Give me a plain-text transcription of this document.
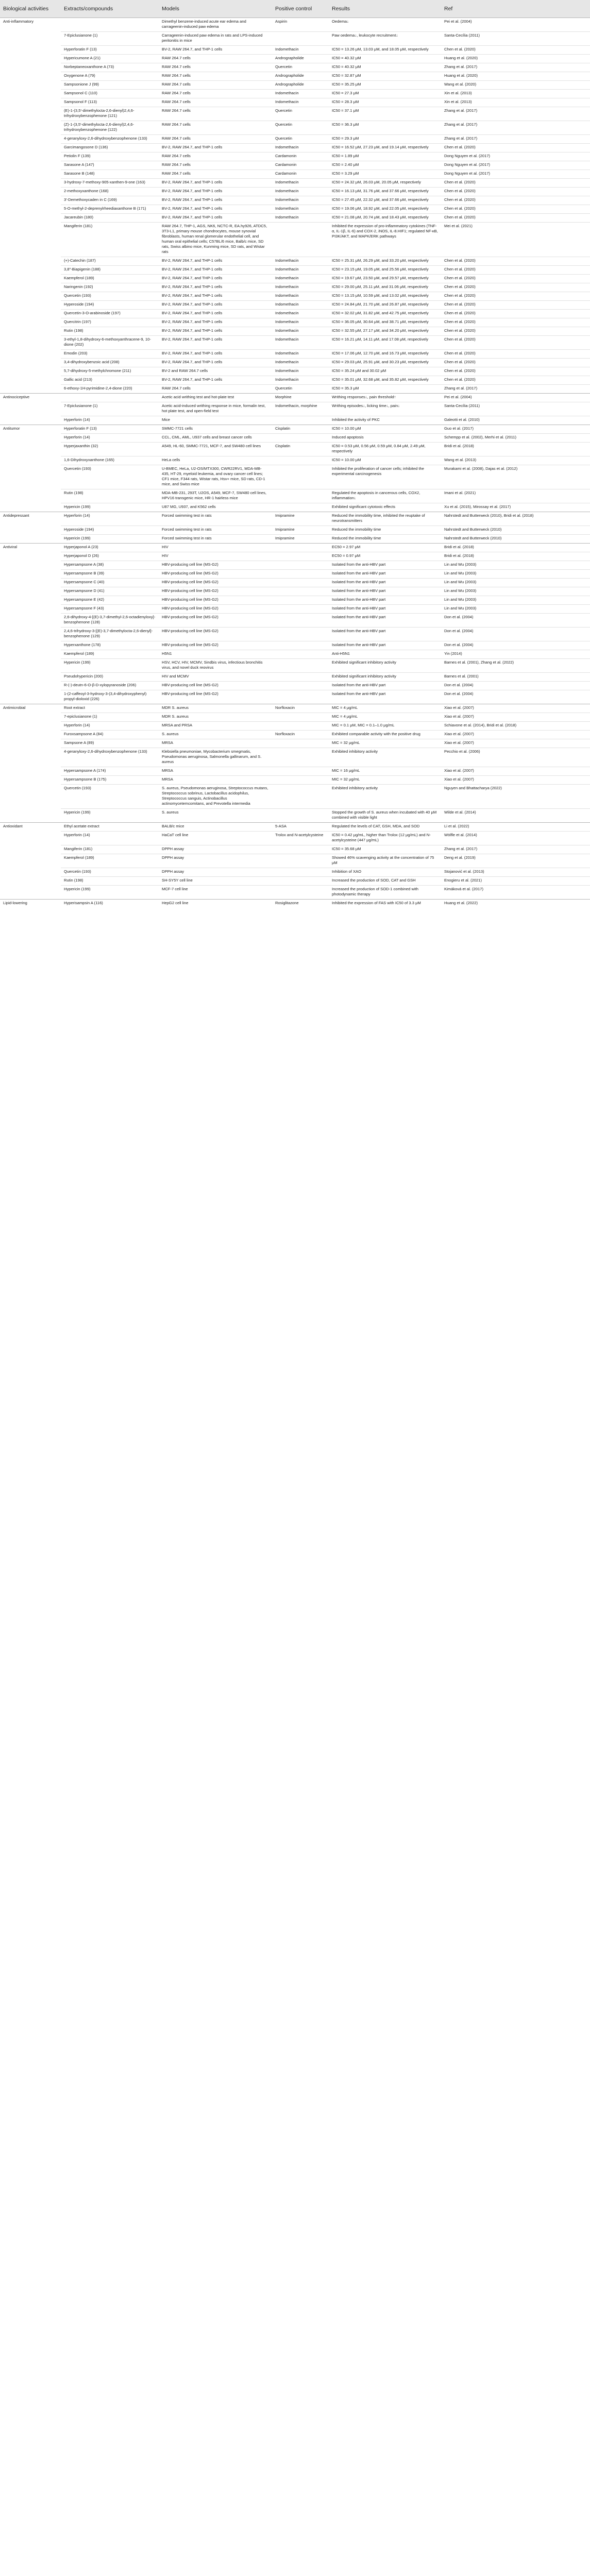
Biological activities	Extracts/compounds	Models	Positive control	Results	Ref
Anti-inflammatory		Dimethyl benzene-induced acute ear edema and carrageenin-induced paw edema	Aspirin	Oedema↓	Pei et al. (2004)
	7-Epiclusianone (1)	Carrageenin-induced paw edema in rats and LPS-induced peritonitis in mice		Paw oedema↓, leukocyte recruitment↓	Santa-Cecília (2011)
	Hyperforatin F (13)	BV-2, RAW 264.7, and THP-1 cells	Indomethacin	IC50 = 13.26 μM, 13.03 μM, and 18.05 μM, respectively	Chen et al. (2020)
	Hypericumone A (21)	RAW 264.7 cells	Andrographolide	IC50 = 40.32 μM	Huang et al. (2020)
	Norbeptaneoxanthone A (73)	RAW 264.7 cells	Quercetin	IC50 = 40.32 μM	Zhang et al. (2017)
	Oxygenone A (79)	RAW 264.7 cells	Andrographolide	IC50 = 32.87 μM	Huang et al. (2020)
	Sampsonione J (99)	RAW 264.7 cells	Andrographolide	IC50 = 35.25 μM	Wang et al. (2020)
	Sampsonol C (110)	RAW 264.7 cells	Indomethacin	IC50 = 27.3 μM	Xin et al. (2013)
	Sampsonol F (113)	RAW 264.7 cells	Indomethacin	IC50 = 28.3 μM	Xin et al. (2013)
	(E)-1-(3,5′-dimethylocta-2,6-dienyl)2,4,6-trihydroxybenzophenone (121)	RAW 264.7 cells	Quercetin	IC50 = 37.1 μM	Zhang et al. (2017)
	(Z)-1-(3,5′-dimethylocta-2,6-dienyl)2,4,6-trihydroxybenzophenone (122)	RAW 264.7 cells	Quercetin	IC50 = 36.3 μM	Zhang et al. (2017)
	4-geranyloxy-2,6-dihydroxybenzophenone (133)	RAW 264.7 cells	Quercetin	IC50 = 29.3 μM	Zhang et al. (2017)
	Garcimangosone D (136)	BV-2, RAW 264.7, and THP-1 cells	Indomethacin	IC50 = 16.52 μM, 27.23 μM, and 19.14 μM, respectively	Chen et al. (2020)
	Petiolin F (139)	RAW 264.7 cells	Cardamonin	IC50 = 1.89 μM	Dong Nguyen et al. (2017)
	Sarasone A (147)	RAW 264.7 cells	Cardamonin	IC50 = 2.40 μM	Dong Nguyen et al. (2017)
	Sarasone B (148)	RAW 264.7 cells	Cardamonin	IC50 = 3.29 μM	Dong Nguyen et al. (2017)
	3-hydroxy-7-methoxy-905-xanthen-9-one (163)	BV-2, RAW 264.7, and THP-1 cells	Indomethacin	IC50 = 24.32 μM, 26.03 μM, 20.05 μM, respectively	Chen et al. (2020)
	2-methoxyxanthone (168)	BV-2, RAW 264.7, and THP-1 cells	Indomethacin	IC50 = 16.13 μM, 31.76 μM, and 37.66 μM, respectively	Chen et al. (2020)
	3′-Demethoxycaden in C (169)	BV-2, RAW 264.7, and THP-1 cells	Indomethacin	IC50 = 27.45 μM, 22.32 μM, and 37.66 μM, respectively	Chen et al. (2020)
	5-O-methyl-2-deprenylrheediaxanthone B (171)	BV-2, RAW 264.7, and THP-1 cells	Indomethacin	IC50 = 19.06 μM, 18.92 μM, and 22.05 μM, respectively	Chen et al. (2020)
	Jacareubin (180)	BV-2, RAW 264.7, and THP-1 cells	Indomethacin	IC50 = 21.08 μM, 20.74 μM, and 18.43 μM, respectively	Chen et al. (2020)
	Mangiferin (181)	RAW 264.7, THP-1, AGS, NK6, NCTC-R, EA.hy926, ATDC5, 3T3-L1, primary mouse chondrocytes, mouse synovial fibroblasts, human renal glomerular endothelial cell, and human oral epithelial cells; C57BL/6 mice, Balb/c mice, SD rats, Swiss albino mice, Kunming mice, SD rats, and Wistar rats		Inhibited the expression of pro-inflammatory cytokines (TNF-α, IL-1β, IL-6) and COX-2, iNOS, IL-8.HIF1; regulated NF-κB, PI3K/AKT, and MAPK/ERK pathways	Mei et al. (2021)
	(+)-Catechin (187)	BV-2, RAW 264.7, and THP-1 cells	Indomethacin	IC50 = 25.31 μM, 26.29 μM, and 33.20 μM, respectively	Chen et al. (2020)
	3,8″-Biapigenin (188)	BV-2, RAW 264.7, and THP-1 cells	Indomethacin	IC50 = 23.15 μM, 19.05 μM, and 25.56 μM, respectively	Chen et al. (2020)
	Kaempferol (189)	BV-2, RAW 264.7, and THP-1 cells	Indomethacin	IC50 = 19.67 μM, 23.50 μM, and 29.57 μM, respectively	Chen et al. (2020)
	Naringenin (192)	BV-2, RAW 264.7, and THP-1 cells	Indomethacin	IC50 = 29.00 μM, 25.11 μM, and 31.06 μM, respectively	Chen et al. (2020)
	Quercetin (193)	BV-2, RAW 264.7, and THP-1 cells	Indomethacin	IC50 = 13.15 μM, 10.59 μM, and 13.02 μM, respectively	Chen et al. (2020)
	Hyperoside (194)	BV-2, RAW 264.7, and THP-1 cells	Indomethacin	IC50 = 24.84 μM, 21.70 μM, and 26.87 μM, respectively	Chen et al. (2020)
	Quercetin-3-O-arabinoside (197)	BV-2, RAW 264.7, and THP-1 cells	Indomethacin	IC50 = 32.02 μM, 31.82 μM, and 42.75 μM, respectively	Chen et al. (2020)
	Quercitrin (197)	BV-2, RAW 264.7, and THP-1 cells	Indomethacin	IC50 = 36.05 μM, 30.64 μM, and 38.71 μM, respectively	Chen et al. (2020)
	Rutin (198)	BV-2, RAW 264.7, and THP-1 cells	Indomethacin	IC50 = 32.55 μM, 27.17 μM, and 34.20 μM, respectively	Chen et al. (2020)
	3-ethyl-1,8-dihydroxy-6-methoxyanthracene-9, 10-dione (202)	BV-2, RAW 264.7, and THP-1 cells	Indomethacin	IC50 = 16.21 μM, 14.11 μM, and 17.08 μM, respectively	Chen et al. (2020)
	Emodin (203)	BV-2, RAW 264.7, and THP-1 cells	Indomethacin	IC50 = 17.06 μM, 12.70 μM, and 16.73 μM, respectively	Chen et al. (2020)
	3,4-dihydroxybenzoic acid (208)	BV-2, RAW 264.7, and THP-1 cells	Indomethacin	IC50 = 29.03 μM, 25.91 μM, and 30.23 μM, respectively	Chen et al. (2020)
	5,7-dihydroxy-5-methylchromone (211)	BV-2 and RAW 264.7 cells	Indomethacin	IC50 = 35.24 μM and 30.02 μM	Chen et al. (2020)
	Gallic acid (213)	BV-2, RAW 264.7, and THP-1 cells	Indomethacin	IC50 = 35.01 μM, 32.68 μM, and 35.82 μM, respectively	Chen et al. (2020)
	6-ethoxy-1H-pyrimidine-2,4-dione (220)	RAW 264.7 cells	Quercetin	IC50 = 35.3 μM	Zhang et al. (2017)
Antinociceptive		Acetic acid writhing test and hot-plate test	Morphine	Writhing responses↓, pain threshold↑	Pei et al. (2004)
	7-Epiclusianone (1)	Acetic acid-induced writhing response in mice, formalin test, hot plate test, and open-field test	Indomethacin, morphine	Writhing episodes↓, licking time↓, pain↓	Santa-Cecília (2011)
	Hyperforin (14)	Mice		Inhibited the activity of PKC	Galeotti et al. (2010)
Antitumor	Hyperforatin F (13)	SMMC-7721 cells	Cisplatin	IC50 = 10.00 μM	Guo et al. (2017)
	Hyperforin (14)	CCL, CML, AML, U937 cells and breast cancer cells		Induced apoptosis	Schempp et al. (2002), Merhi et al. (2011)
	Hyperjaxanthin (32)	A549, HL-60, SMMC-7721, MCF-7, and SW480 cell lines	Cisplatin	IC50 = 0.53 μM, 0.56 μM, 0.59 μM, 0.84 μM, 2.49 μM, respectively	Bridi et al. (2018)
	1,6-Dihydroxyxanthone (165)	HeLa cells		IC50 = 10.00 μM	Wang et al. (2013)
	Quercetin (193)	U-BMEC, HeLa, U2-OS/MTX300, CWR22RV1, MDA-MB-435, HT-29, myeloid leukemia, and ovary cancer cell lines; CF1 mice, F344 rats, Wistar rats, Hsv+ mice, SD rats, CD-1 mice, and Swiss mice		Inhibited the proliferation of cancer cells; inhibited the experimental carcinogenesis	Murakami et al. (2008), Dajas et al. (2012)
	Rutin (198)	MDA-MB-231, 293T, U2OS, A549, MCF-7, SW480 cell lines, HPV16 transgenic mice, HR-1 hairless mice		Regulated the apoptosis in cancerous cells, COX2, inflammation↓	Imani et al. (2021)
	Hypericin (199)	U87 MG, U937, and K562 cells		Exhibited significant cytotoxic effects	Xu et al. (2015), Mirossay et al. (2017)
Antidepressant	Hyperforin (14)	Forced swimming test in rats	Imipramine	Reduced the immobility time, inhibited the reuptake of neurotransmitters	Nahrstedt and Butterweck (2010), Bridi et al. (2018)
	Hyperoside (194)	Forced swimming test in rats	Imipramine	Reduced the immobility time	Nahrstedt and Butterweck (2010)
	Hypericin (199)	Forced swimming test in rats	Imipramine	Reduced the immobility time	Nahrstedt and Butterweck (2010)
Antiviral	Hyperjaponol A (23)	HIV		EC50 = 2.97 μM	Bridi et al. (2018)
	Hyperjaponol D (26)	HIV		EC50 = 0.97 μM	Bridi et al. (2018)
	Hypersampsone A (38)	HBV-producing cell line (MS-G2)		Isolated from the anti-HBV part	Lin and Wu (2003)
	Hypersampsone B (39)	HBV-producing cell line (MS-G2)		Isolated from the anti-HBV part	Lin and Wu (2003)
	Hypersampsone C (40)	HBV-producing cell line (MS-G2)		Isolated from the anti-HBV part	Lin and Wu (2003)
	Hypersampsone D (41)	HBV-producing cell line (MS-G2)		Isolated from the anti-HBV part	Lin and Wu (2003)
	Hypersampsone E (42)	HBV-producing cell line (MS-G2)		Isolated from the anti-HBV part	Lin and Wu (2003)
	Hypersampsone F (43)	HBV-producing cell line (MS-G2)		Isolated from the anti-HBV part	Lin and Wu (2003)
	2,6-dihydroxy-4-[(E)-3,7-dimethyl-2,6-octadienyloxy]-benzophenone (128)	HBV-producing cell line (MS-G2)		Isolated from the anti-HBV part	Don et al. (2004)
	2,4,6-trihydroxy-3-[(E)-3,7-dimethylocta-2,6-dienyl]-benzophenone (129)	HBV-producing cell line (MS-G2)		Isolated from the anti-HBV part	Don et al. (2004)
	Hyperxanthone (178)	HBV-producing cell line (MS-G2)		Isolated from the anti-HBV part	Don et al. (2004)
	Kaempferol (189)	H5N1		Anti-H5N1	Yin (2014)
	Hypericin (199)	HSV, HCV, HIV, MCMV, Sindbis virus, infectious bronchitis virus, and novel duck reovirus		Exhibited significant inhibitory activity	Barnes et al. (2001), Zhang et al. (2022)
	Pseudohypericin (200)	HIV and MCMV		Exhibited significant inhibitory activity	Barnes et al. (2001)
	R-(-)-deutn-6-O-β-D-xylopyranoside (206)	HBV-producing cell line (MS-G2)		Isolated from the anti-HBV part	Don et al. (2004)
	1-(2-caffeoyl-3-hydroxy-3-(3,4-dihydroxyphenyl) propyl-dioloxid (226)	HBV-producing cell line (MS-G2)		Isolated from the anti-HBV part	Don et al. (2004)
Antimicrobial	Root extract	MDR S. aureus	Norfloxacin	MIC = 4 μg/mL	Xiao et al. (2007)
	7-epiclusianone (1)	MDR S. aureus		MIC = 4 μg/mL	Xiao et al. (2007)
	Hyperforin (14)	MRSA and PRSA		MIC = 0.1 μM, MIC = 0.1–1.0 μg/mL	Schiavone et al. (2014), Bridi et al. (2018)
	Furoxsampsone A (84)	S. aureus	Norfloxacin	Exhibited comparable activity with the positive drug	Xiao et al. (2007)
	Sampsone A (89)	MRSA		MIC = 32 μg/mL	Xiao et al. (2007)
	4-geranyloxy-2,6-dihydroxybenzophenone (133)	Klebsiella pneumoniae, Mycobacterium smegmatis, Pseudomonas aeruginosa, Salmonella gallinarum, and S. aureus		Exhibited inhibitory activity	Pecchio et al. (2006)
	Hypersampsone A (174)	MRSA		MIC = 16 μg/mL	Xiao et al. (2007)
	Hypersampsone B (175)	MRSA		MIC = 32 μg/mL	Xiao et al. (2007)
	Quercetin (193)	S. aureus, Pseudomonas aeruginosa, Streptococcus mutans, Streptococcus sobrinus, Lactobacillus acidophilus, Streptococcus sanguis, Actinobacillus actinomycetemcomitans, and Prevotella intermedia		Exhibited inhibitory activity	Nguyen and Bhattacharya (2022)
	Hypericin (199)	S. aureus		Stopped the growth of S. aureus when incubated with 40 μM combined with visible light	Wilde et al. (2014)
Antioxidant	Ethyl acetate extract	BALB/c mice	5-ASA	Regulated the levels of CAT, GSH, MDA, and SOD	Li et al. (2022)
	Hyperforin (14)	HaCaT cell line	Trolox and N-acetylcysteine	IC50 = 0.42 μg/mL, higher than Trolox (12 μg/mL) and N-acetylcysteine (447 μg/mL)	Wölfle et al. (2014)
	Mangiferin (181)	DPPH assay		IC50 = 35.68 μM	Zhang et al. (2017)
	Kaempferol (189)	DPPH assay		Showed 46% scavenging activity at the concentration of 75 μM	Deng et al. (2019)
	Quercetin (193)	DPPH assay		Inhibition of XAO	Stojanović et al. (2013)
	Rutin (198)	SH-SY5Y cell line		Increased the production of SOD, CAT and GSH	Enogieru et al. (2021)
	Hypericin (199)	MCF-7 cell line		Increased the production of SOD-1 combined with photodynamic therapy	Kimáková et al. (2017)
Lipid-lowering	Hyperisampsin A (116)	HepG2 cell line	Rosiglitazone	Inhibited the expression of FAS with IC50 of 3.3 μM	Huang et al. (2022)
